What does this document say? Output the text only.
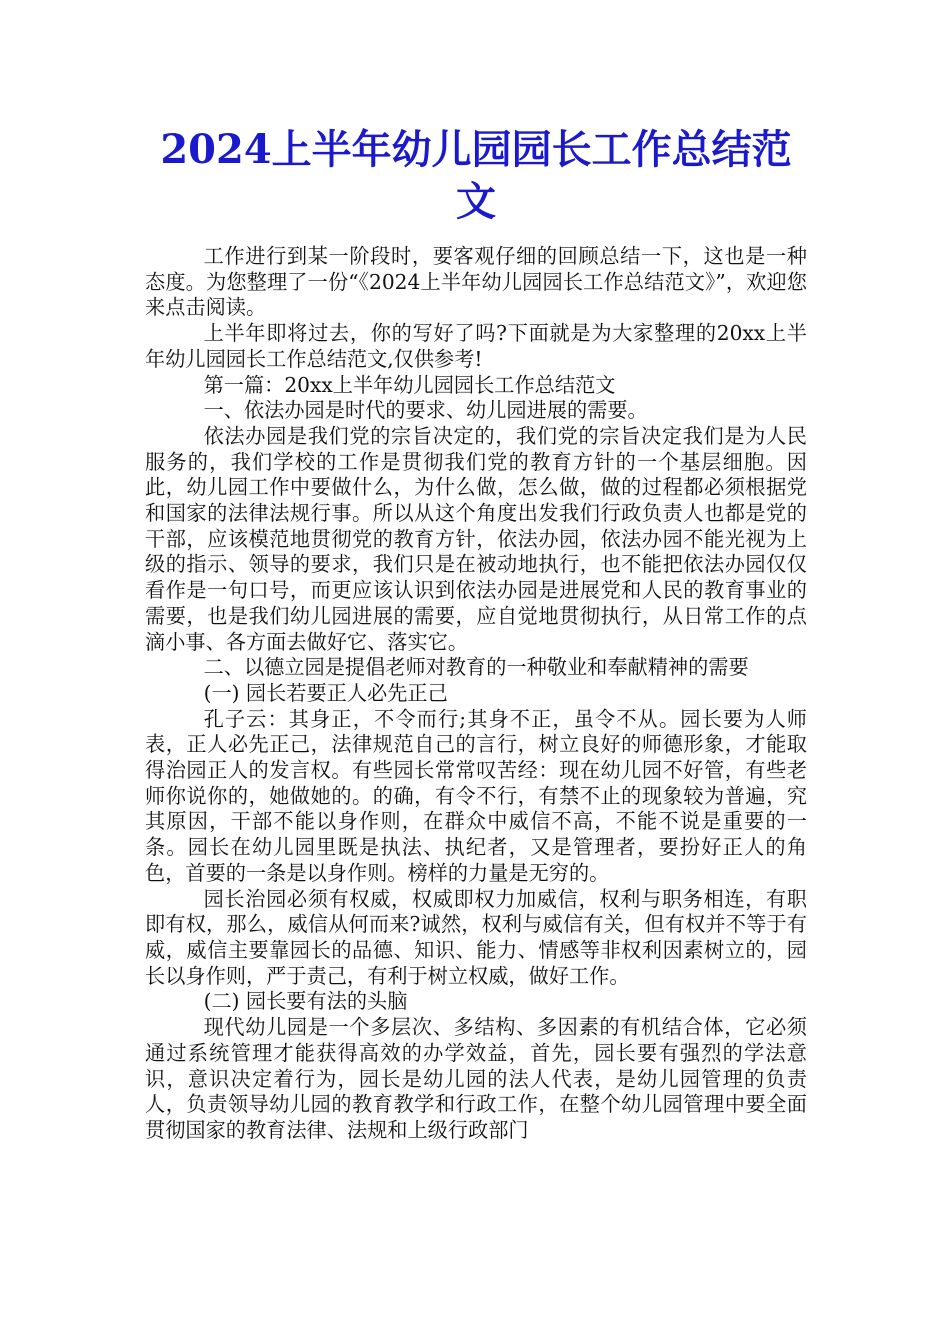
2024上半年幼儿园园长工作总结范文

工作进行到某一阶段时，要客观仔细的回顾总结一下，这也是一种态度。为您整理了一份“《2024上半年幼儿园园长工作总结范文》”，欢迎您来点击阅读。

上半年即将过去，你的写好了吗?下面就是为大家整理的20xx上半年幼儿园园长工作总结范文,仅供参考!

第一篇：20xx上半年幼儿园园长工作总结范文

一、依法办园是时代的要求、幼儿园进展的需要。

依法办园是我们党的宗旨决定的，我们党的宗旨决定我们是为人民服务的，我们学校的工作是贯彻我们党的教育方针的一个基层细胞。因此，幼儿园工作中要做什么，为什么做，怎么做，做的过程都必须根据党和国家的法律法规行事。所以从这个角度出发我们行政负责人也都是党的干部，应该模范地贯彻党的教育方针，依法办园，依法办园不能光视为上级的指示、领导的要求，我们只是在被动地执行，也不能把依法办园仅仅看作是一句口号，而更应该认识到依法办园是进展党和人民的教育事业的需要，也是我们幼儿园进展的需要，应自觉地贯彻执行，从日常工作的点滴小事、各方面去做好它、落实它。

二、以德立园是提倡老师对教育的一种敬业和奉献精神的需要

(一) 园长若要正人必先正己

孔子云：其身正，不令而行;其身不正，虽令不从。园长要为人师表，正人必先正己，法律规范自己的言行，树立良好的师德形象，才能取得治园正人的发言权。有些园长常常叹苦经：现在幼儿园不好管，有些老师你说你的，她做她的。的确，有令不行，有禁不止的现象较为普遍，究其原因，干部不能以身作则，在群众中威信不高，不能不说是重要的一条。园长在幼儿园里既是执法、执纪者，又是管理者，要扮好正人的角色，首要的一条是以身作则。榜样的力量是无穷的。

园长治园必须有权威，权威即权力加威信，权利与职务相连，有职即有权，那么，威信从何而来?诚然，权利与威信有关，但有权并不等于有威，威信主要靠园长的品德、知识、能力、情感等非权利因素树立的，园长以身作则，严于责己，有利于树立权威，做好工作。

(二) 园长要有法的头脑

现代幼儿园是一个多层次、多结构、多因素的有机结合体，它必须通过系统管理才能获得高效的办学效益，首先，园长要有强烈的学法意识，意识决定着行为，园长是幼儿园的法人代表，是幼儿园管理的负责人，负责领导幼儿园的教育教学和行政工作，在整个幼儿园管理中要全面贯彻国家的教育法律、法规和上级行政部门
